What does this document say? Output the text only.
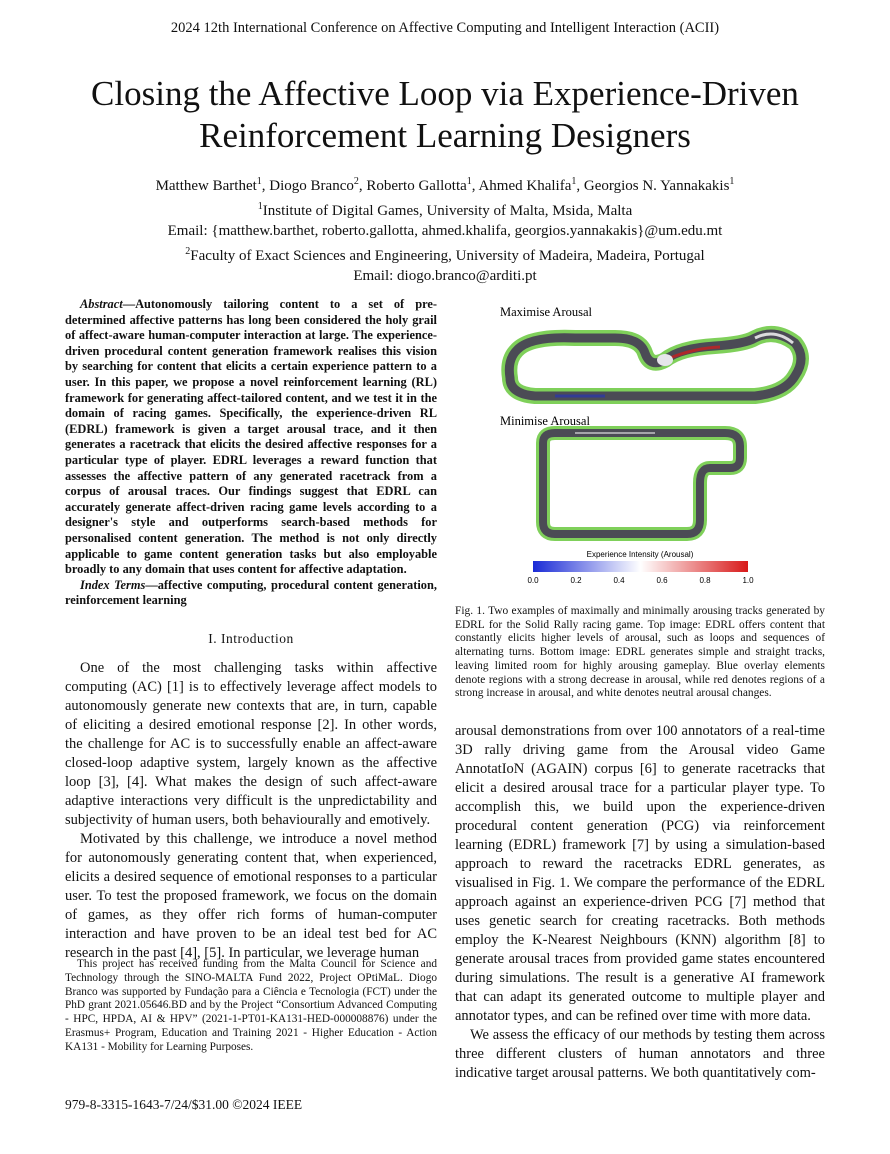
2024 12th International Conference on Affective Computing and Intelligent Interaction (ACII)
Closing the Affective Loop via Experience-Driven
Reinforcement Learning Designers
Matthew Barthet$^1$, Diogo Branco$^2$, Roberto Gallotta$^1$, Ahmed Khalifa$^1$, Georgios N. Yannakakis$^1$
$^1$Institute of Digital Games, University of Malta, Msida, Malta
Email: {matthew.barthet, roberto.gallotta, ahmed.khalifa, georgios.yannakakis}@um.edu.mt
$^2$Faculty of Exact Sciences and Engineering, University of Madeira, Madeira, Portugal
Email: diogo.branco@arditi.pt
Abstract—Autonomously tailoring content to a set of pre-determined affective patterns has long been considered the holy grail of affect-aware human-computer interaction at large. The experience-driven procedural content generation framework realises this vision by searching for content that elicits a certain experience pattern to a user. In this paper, we propose a novel reinforcement learning (RL) framework for generating affect-tailored content, and we test it in the domain of racing games. Specifically, the experience-driven RL (EDRL) framework is given a target arousal trace, and it then generates a racetrack that elicits the desired affective responses for a particular type of player. EDRL leverages a reward function that assesses the affective pattern of any generated racetrack from a corpus of arousal traces. Our findings suggest that EDRL can accurately generate affect-driven racing game levels according to a designer's style and outperforms search-based methods for personalised content generation. The method is not only directly applicable to game content generation tasks but also employable broadly to any domain that uses content for affective adaptation.
Index Terms—affective computing, procedural content generation, reinforcement learning
I. Introduction

One of the most challenging tasks within affective computing (AC) [1] is to effectively leverage affect models to autonomously generate new contexts that are, in turn, capable of eliciting a desired emotional response [2]. In other words, the challenge for AC is to successfully enable an affect-aware closed-loop adaptive system, largely known as the affective loop [3], [4]. What makes the design of such affect-aware adaptive interactions very difficult is the unpredictability and subjectivity of human users, both behaviourally and emotively.

Motivated by this challenge, we introduce a novel method for autonomously generating content that, when experienced, elicits a desired sequence of emotional responses to a particular user. To test the proposed framework, we focus on the domain of games, as they offer rich forms of human-computer interaction and have proven to be an ideal test bed for AC research in the past [4], [5]. In particular, we leverage human

This project has received funding from the Malta Council for Science and Technology through the SINO-MALTA Fund 2022, Project OPtiMaL. Diogo Branco was supported by Fundação para a Ciência e Tecnologia (FCT) under the PhD grant 2021.05646.BD and by the Project “Consortium Advanced Computing - HPC, HPDA, AI & HPV” (2021-1-PT01-KA131-HED-000008876) under the Erasmus+ Program, Education and Training 2021 - Higher Education - Action KA131 - Mobility for Learning Purposes.

979-8-3315-1643-7/24/$31.00 ©2024 IEEE
Maximise Arousal
Minimise Arousal
Experience Intensity (Arousal)
0.0	0.2	0.4	0.6	0.8	1.0
Fig. 1. Two examples of maximally and minimally arousing tracks generated by EDRL for the Solid Rally racing game. Top image: EDRL offers content that constantly elicits higher levels of arousal, such as loops and sequences of alternating turns. Bottom image: EDRL generates simple and straight tracks, leaving limited room for highly arousing gameplay. Blue overlay elements denote regions with a strong decrease in arousal, while red denotes regions of a strong increase in arousal, and white denotes neutral arousal changes.

arousal demonstrations from over 100 annotators of a real-time 3D rally driving game from the Arousal video Game AnnotatIoN (AGAIN) corpus [6] to generate racetracks that elicit a desired arousal trace for a particular player type. To accomplish this, we build upon the experience-driven procedural content generation (PCG) via reinforcement learning (EDRL) framework [7] by using a simulation-based approach to reward the racetracks EDRL generates, as visualised in Fig. 1. We compare the performance of the EDRL approach against an experience-driven PCG [7] method that uses genetic search for creating racetracks. Both methods employ the K-Nearest Neighbours (KNN) algorithm [8] to generate arousal traces from provided game states encountered during simulations. The result is a generative AI framework that can adapt its generated outcome to multiple player and annotator types, and can be refined over time with more data.

We assess the efficacy of our methods by testing them across three different clusters of human annotators and three indicative target arousal patterns. We both quantitatively com-
